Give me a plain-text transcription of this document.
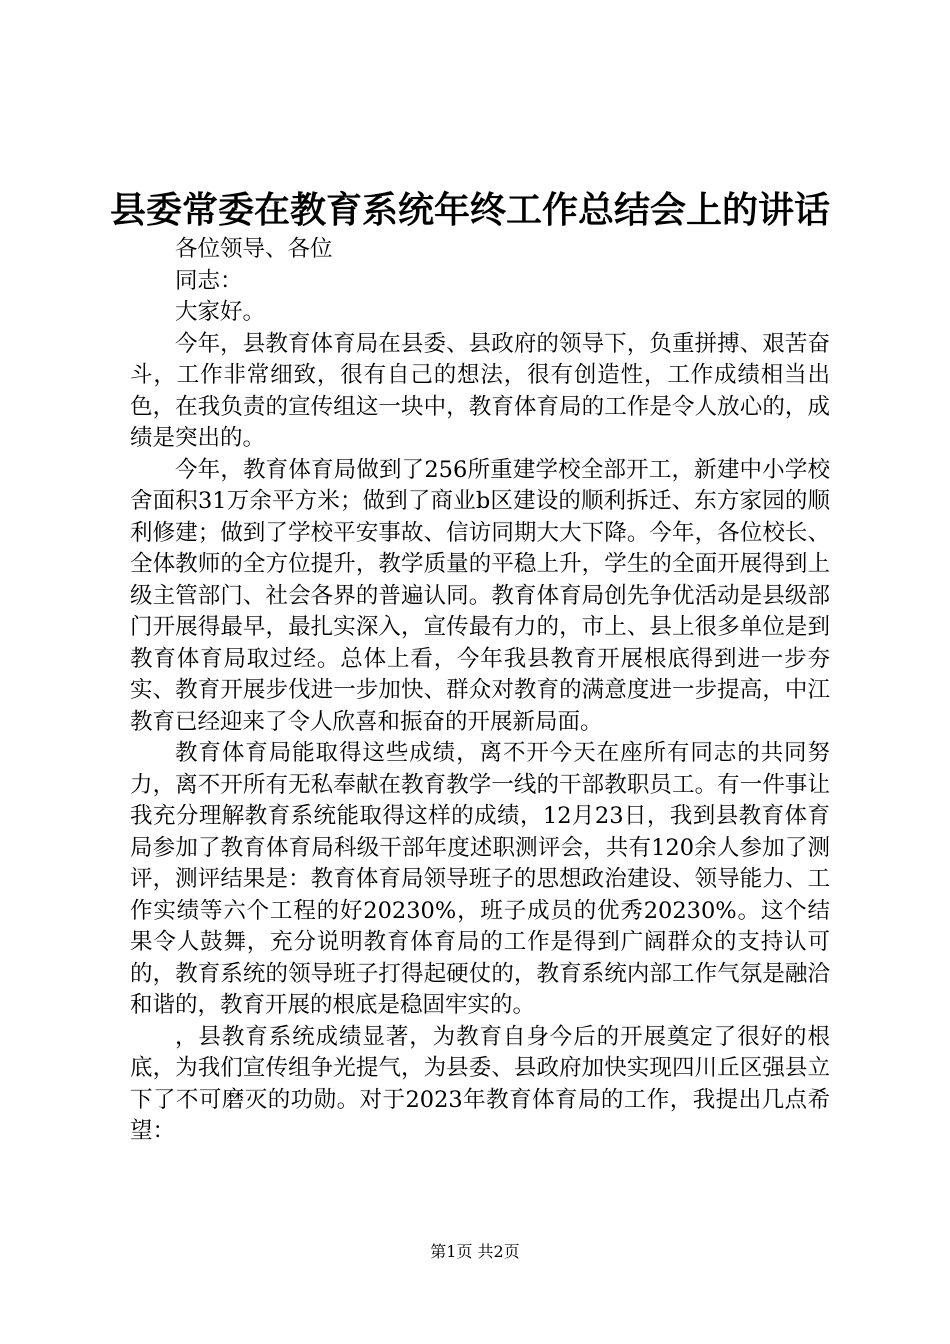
县委常委在教育系统年终工作总结会上的讲话

各位领导、各位

同志：

大家好。

今年，县教育体育局在县委、县政府的领导下，负重拼搏、艰苦奋斗，工作非常细致，很有自己的想法，很有创造性，工作成绩相当出色，在我负责的宣传组这一块中，教育体育局的工作是令人放心的，成绩是突出的。

今年，教育体育局做到了256所重建学校全部开工，新建中小学校舍面积31万余平方米；做到了商业b区建设的顺利拆迁、东方家园的顺利修建；做到了学校平安事故、信访同期大大下降。今年，各位校长、全体教师的全方位提升，教学质量的平稳上升，学生的全面开展得到上级主管部门、社会各界的普遍认同。教育体育局创先争优活动是县级部门开展得最早，最扎实深入，宣传最有力的，市上、县上很多单位是到教育体育局取过经。总体上看，今年我县教育开展根底得到进一步夯实、教育开展步伐进一步加快、群众对教育的满意度进一步提高，中江教育已经迎来了令人欣喜和振奋的开展新局面。

教育体育局能取得这些成绩，离不开今天在座所有同志的共同努力，离不开所有无私奉献在教育教学一线的干部教职员工。有一件事让我充分理解教育系统能取得这样的成绩，12月23日，我到县教育体育局参加了教育体育局科级干部年度述职测评会，共有120余人参加了测评，测评结果是：教育体育局领导班子的思想政治建设、领导能力、工作实绩等六个工程的好20230%，班子成员的优秀20230%。这个结果令人鼓舞，充分说明教育体育局的工作是得到广阔群众的支持认可的，教育系统的领导班子打得起硬仗的，教育系统内部工作气氛是融洽和谐的，教育开展的根底是稳固牢实的。

，县教育系统成绩显著，为教育自身今后的开展奠定了很好的根底，为我们宣传组争光提气，为县委、县政府加快实现四川丘区强县立下了不可磨灭的功勋。对于2023年教育体育局的工作，我提出几点希望：

第1页 共2页
